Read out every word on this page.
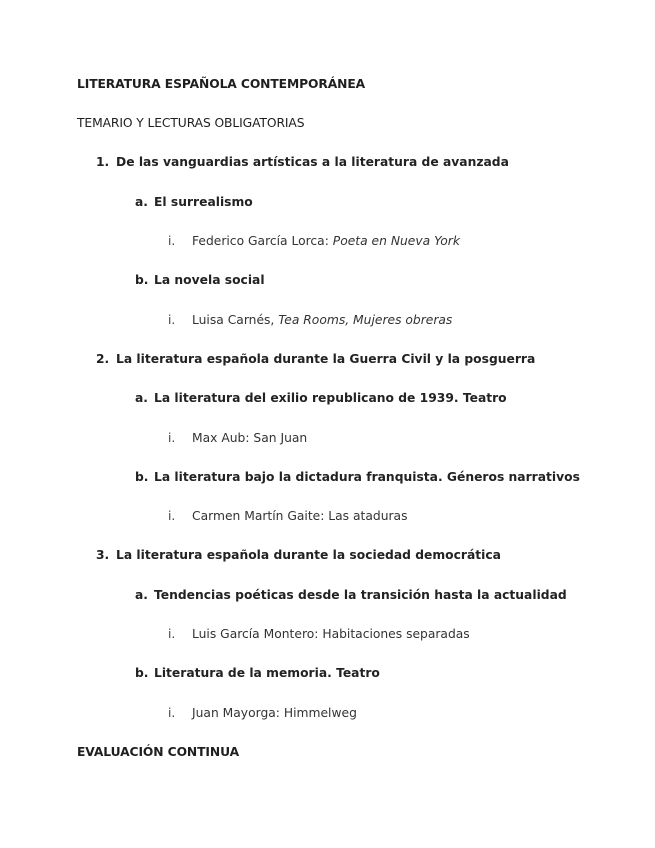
LITERATURA ESPAÑOLA CONTEMPORÁNEA
TEMARIO Y LECTURAS OBLIGATORIAS
1. De las vanguardias artísticas a la literatura de avanzada
a. El surrealismo
i. Federico García Lorca: Poeta en Nueva York
b. La novela social
i. Luisa Carnés, Tea Rooms, Mujeres obreras
2. La literatura española durante la Guerra Civil y la posguerra
a. La literatura del exilio republicano de 1939. Teatro
i. Max Aub: San Juan
b. La literatura bajo la dictadura franquista. Géneros narrativos
i. Carmen Martín Gaite: Las ataduras
3. La literatura española durante la sociedad democrática
a. Tendencias poéticas desde la transición hasta la actualidad
i. Luis García Montero: Habitaciones separadas
b. Literatura de la memoria. Teatro
i. Juan Mayorga: Himmelweg
EVALUACIÓN CONTINUA
